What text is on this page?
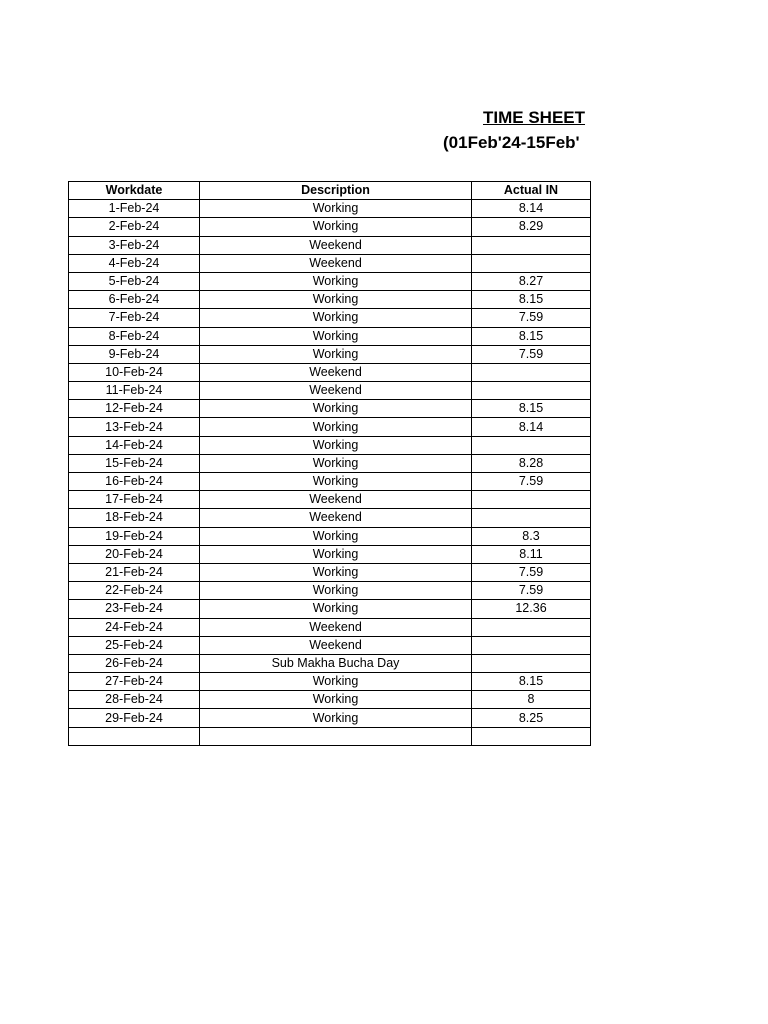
TIME SHEET
(01Feb'24-15Feb'
Workdate	Description	Actual IN
1-Feb-24	Working	8.14
2-Feb-24	Working	8.29
3-Feb-24	Weekend	
4-Feb-24	Weekend	
5-Feb-24	Working	8.27
6-Feb-24	Working	8.15
7-Feb-24	Working	7.59
8-Feb-24	Working	8.15
9-Feb-24	Working	7.59
10-Feb-24	Weekend	
11-Feb-24	Weekend	
12-Feb-24	Working	8.15
13-Feb-24	Working	8.14
14-Feb-24	Working	
15-Feb-24	Working	8.28
16-Feb-24	Working	7.59
17-Feb-24	Weekend	
18-Feb-24	Weekend	
19-Feb-24	Working	8.3
20-Feb-24	Working	8.11
21-Feb-24	Working	7.59
22-Feb-24	Working	7.59
23-Feb-24	Working	12.36
24-Feb-24	Weekend	
25-Feb-24	Weekend	
26-Feb-24	Sub Makha Bucha Day	
27-Feb-24	Working	8.15
28-Feb-24	Working	8
29-Feb-24	Working	8.25
